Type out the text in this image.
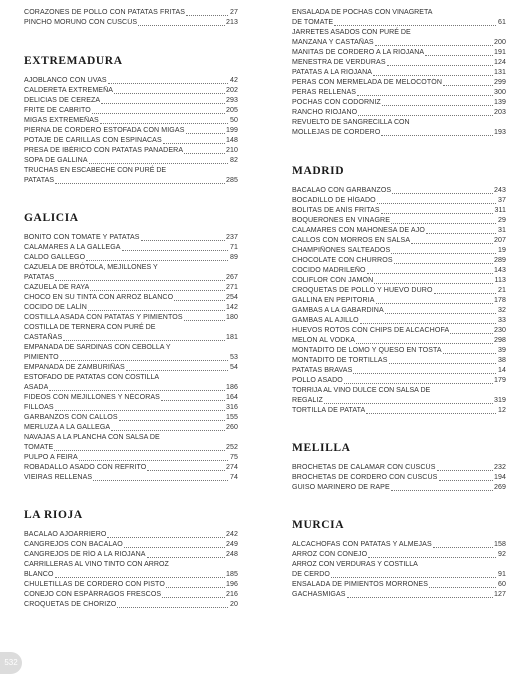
CORAZONES DE POLLO CON PATATAS FRITAS	27
PINCHO MORUNO CON CUSCÚS	213
EXTREMADURA
AJOBLANCO CON UVAS	42
CALDERETA EXTREMEÑA	202
DELICIAS DE CEREZA	293
FRITE DE CABRITO	205
MIGAS EXTREMEÑAS	50
PIERNA DE CORDERO ESTOFADA CON MIGAS	199
POTAJE DE CARILLAS CON ESPINACAS	148
PRESA DE IBÉRICO CON PATATAS PANADERA	210
SOPA DE GALLINA	82
TRUCHAS EN ESCABECHE CON PURÉ DE
PATATAS	285
GALICIA
BONITO CON TOMATE Y PATATAS	237
CALAMARES A LA GALLEGA	71
CALDO GALLEGO	89
CAZUELA DE BRÓTOLA, MEJILLONES Y
PATATAS	267
CAZUELA DE RAYA	271
CHOCO EN SU TINTA CON ARROZ BLANCO	254
COCIDO DE LALÍN	142
COSTILLA ASADA CON PATATAS Y PIMIENTOS	180
COSTILLA DE TERNERA CON PURÉ DE
CASTAÑAS	181
EMPANADA DE SARDINAS CON CEBOLLA Y
PIMIENTO	53
EMPANADA DE ZAMBURIÑAS	54
ESTOFADO DE PATATAS CON COSTILLA
ASADA	186
FIDEOS CON MEJILLONES Y NÉCORAS	164
FILLOAS	316
GARBANZOS CON CALLOS	155
MERLUZA A LA GALLEGA	260
NAVAJAS A LA PLANCHA CON SALSA DE
TOMATE	252
PULPO A FEIRA	75
ROBADALLO ASADO CON REFRITO	274
VIEIRAS RELLENAS	74
LA RIOJA
BACALAO AJOARRIERO	242
CANGREJOS CON BACALAO	249
CANGREJOS DE RÍO A LA RIOJANA	248
CARRILLERAS AL VINO TINTO CON ARROZ
BLANCO	185
CHULETILLAS DE CORDERO CON PISTO	196
CONEJO CON ESPÁRRAGOS FRESCOS	216
CROQUETAS DE CHORIZO	20
ENSALADA DE POCHAS CON VINAGRETA
DE TOMATE	61
JARRETES ASADOS CON PURÉ DE
MANZANA Y CASTAÑAS	200
MANITAS DE CORDERO A LA RIOJANA	191
MENESTRA DE VERDURAS	124
PATATAS A LA RIOJANA	131
PERAS CON MERMELADA DE MELOCOTÓN	299
PERAS RELLENAS	300
POCHAS CON CODORNIZ	139
RANCHO RIOJANO	203
REVUELTO DE SANGRECILLA CON
MOLLEJAS DE CORDERO	193
MADRID
BACALAO CON GARBANZOS	243
BOCADILLO DE HÍGADO	37
BOLITAS DE ANÍS FRITAS	311
BOQUERONES EN VINAGRE	29
CALAMARES CON MAHONESA DE AJO	31
CALLOS CON MORROS EN SALSA	207
CHAMPIÑONES SALTEADOS	19
CHOCOLATE CON CHURROS	289
COCIDO MADRILEÑO	143
COLIFLOR CON JAMÓN	113
CROQUETAS DE POLLO Y HUEVO DURO	21
GALLINA EN PEPITORIA	178
GAMBAS A LA GABARDINA	32
GAMBAS AL AJILLO	33
HUEVOS ROTOS CON CHIPS DE ALCACHOFA	230
MELÓN AL VODKA	298
MONTADITO DE LOMO Y QUESO EN TOSTA	39
MONTADITO DE TORTILLAS	38
PATATAS BRAVAS	14
POLLO ASADO	179
TORRIJA AL VINO DULCE CON SALSA DE
REGALIZ	319
TORTILLA DE PATATA	12
MELILLA
BROCHETAS DE CALAMAR CON CUSCÚS	232
BROCHETAS DE CORDERO CON CUSCÚS	194
GUISO MARINERO DE RAPE	269
MURCIA
ALCACHOFAS CON PATATAS Y ALMEJAS	158
ARROZ CON CONEJO	92
ARROZ CON VERDURAS Y COSTILLA
DE CERDO	91
ENSALADA DE PIMIENTOS MORRONES	60
GACHASMIGAS	127
532
